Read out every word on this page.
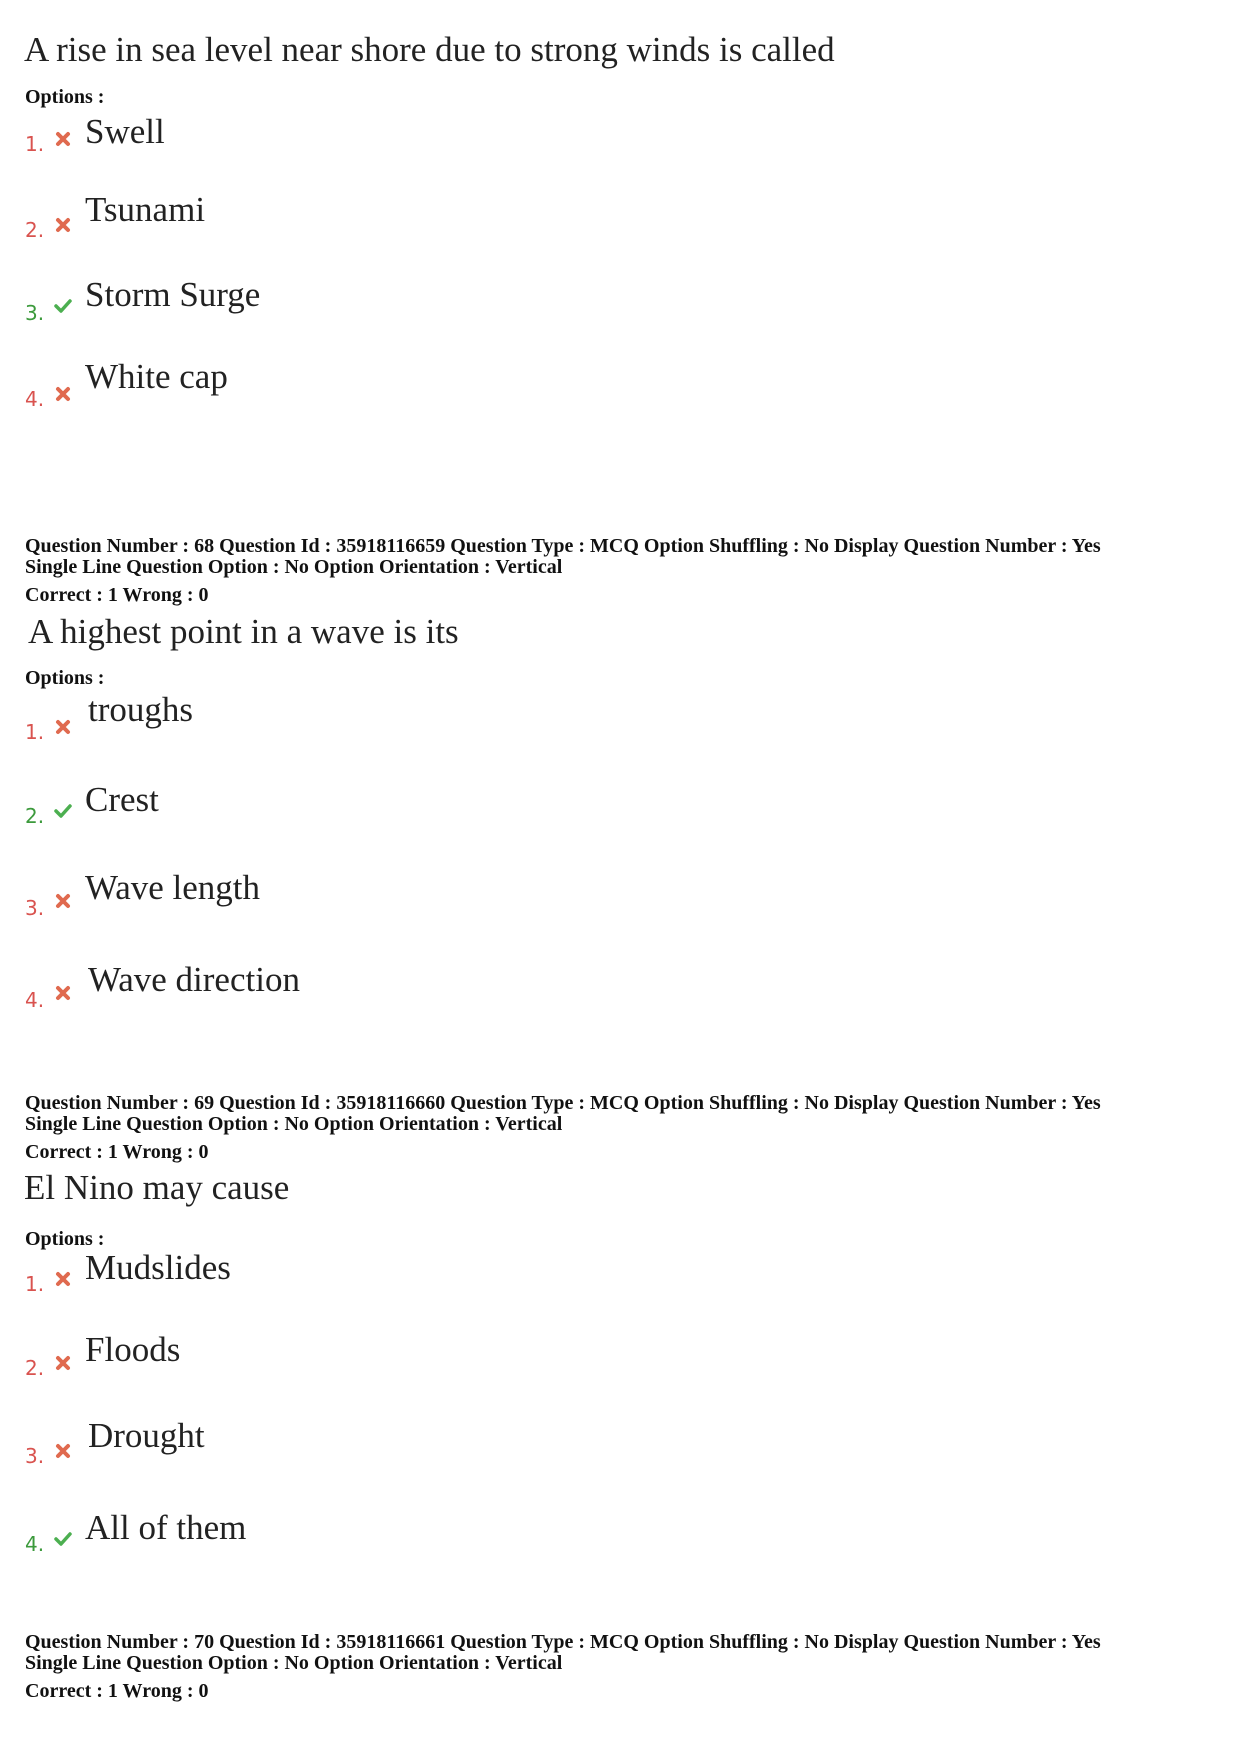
A rise in sea level near shore due to strong winds is called
Options :
1. Swell
2.
Tsunami
3. Storm Surge
4.
White cap
Question Number : 68 Question Id : 35918116659 Question Type : MCQ Option Shuffling : No Display Question Number : Yes
Single Line Question Option : No Option Orientation : Vertical
Correct : 1 Wrong : 0
A highest point in a wave is its
Options :
1.
troughs
2. Crest
3.
Wave length
4.
Wave direction
Question Number : 69 Question Id : 35918116660 Question Type : MCQ Option Shuffling : No Display Question Number : Yes
Single Line Question Option : No Option Orientation : Vertical
Correct : 1 Wrong : 0
El Nino may cause
Options :
1. Mudslides
2. Floods
3.
Drought
4. All of them
Question Number : 70 Question Id : 35918116661 Question Type : MCQ Option Shuffling : No Display Question Number : Yes
Single Line Question Option : No Option Orientation : Vertical
Correct : 1 Wrong : 0
